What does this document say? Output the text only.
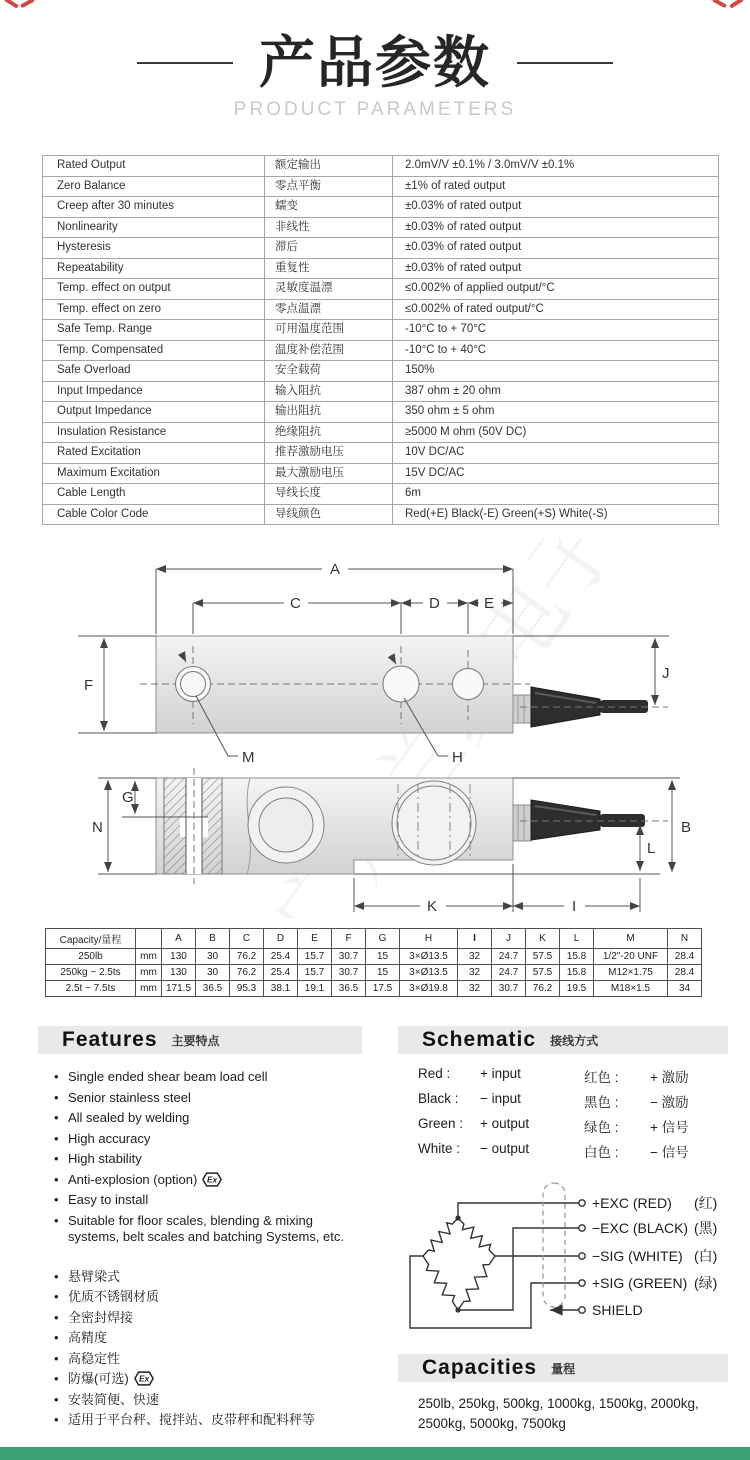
产品参数
PRODUCT PARAMETERS
Rated Output	额定输出	2.0mV/V ±0.1% / 3.0mV/V ±0.1%
Zero Balance	零点平衡	±1% of rated output
Creep after 30 minutes	蠕变	±0.03% of rated output
Nonlinearity	非线性	±0.03% of rated output
Hysteresis	滞后	±0.03% of rated output
Repeatability	重复性	±0.03% of rated output
Temp. effect on output	灵敏度温漂	≤0.002% of applied output/°C
Temp. effect on zero	零点温漂	≤0.002% of rated output/°C
Safe Temp. Range	可用温度范围	-10°C to + 70°C
Temp. Compensated	温度补偿范围	-10°C to + 40°C
Safe Overload	安全载荷	150%
Input Impedance	输入阻抗	387 ohm ± 20 ohm
Output Impedance	输出阻抗	350 ohm ± 5 ohm
Insulation Resistance	绝缘阻抗	≥5000 M ohm (50V DC)
Rated Excitation	推荐激励电压	10V DC/AC
Maximum Excitation	最大激励电压	15V DC/AC
Cable Length	导线长度	6m
Cable Color Code	导线颜色	Red(+E) Black(-E) Green(+S) White(-S)
F
A
C	D	E
M	H
J
N
G
L
B
K	I
Capacity/量程		A	B	C	D	E	F	G	H	I	J	K	L	M	N
250lb	mm	130	30	76.2	25.4	15.7	30.7	15	3×Ø13.5	32	24.7	57.5	15.8	1/2"-20 UNF	28.4
250kg ~ 2.5ts	mm	130	30	76.2	25.4	15.7	30.7	15	3×Ø13.5	32	24.7	57.5	15.8	M12×1.75	28.4
2.5t ~ 7.5ts	mm	171.5	36.5	95.3	38.1	19.1	36.5	17.5	3×Ø19.8	32	30.7	76.2	19.5	M18×1.5	34
Features 主要特点
• Single ended shear beam load cell
• Senior stainless steel
• All sealed by welding
• High accuracy
• High stability
• Anti-explosion (option) Ex
• Easy to install
• Suitable for floor scales, blending & mixing systems, belt scales and batching Systems, etc.
• 悬臂梁式
• 优质不锈钢材质
• 全密封焊接
• 高精度
• 高稳定性
• 防爆(可选) Ex
• 安装简便、快速
• 适用于平台秤、搅拌站、皮带秤和配料秤等
Schematic 接线方式
Red :	+ input	红色 :	+ 激励
Black :	− input	黑色 :	− 激励
Green :	+ output	绿色 :	+ 信号
White :	− output	白色 :	− 信号
+EXC (RED)
−EXC (BLACK)
−SIG (WHITE)
+SIG (GREEN)
SHIELD
(红)
(黑)
(白)
(绿)
Capacities 量程
250lb, 250kg, 500kg, 1000kg, 1500kg, 2000kg,
2500kg, 5000kg, 7500kg
